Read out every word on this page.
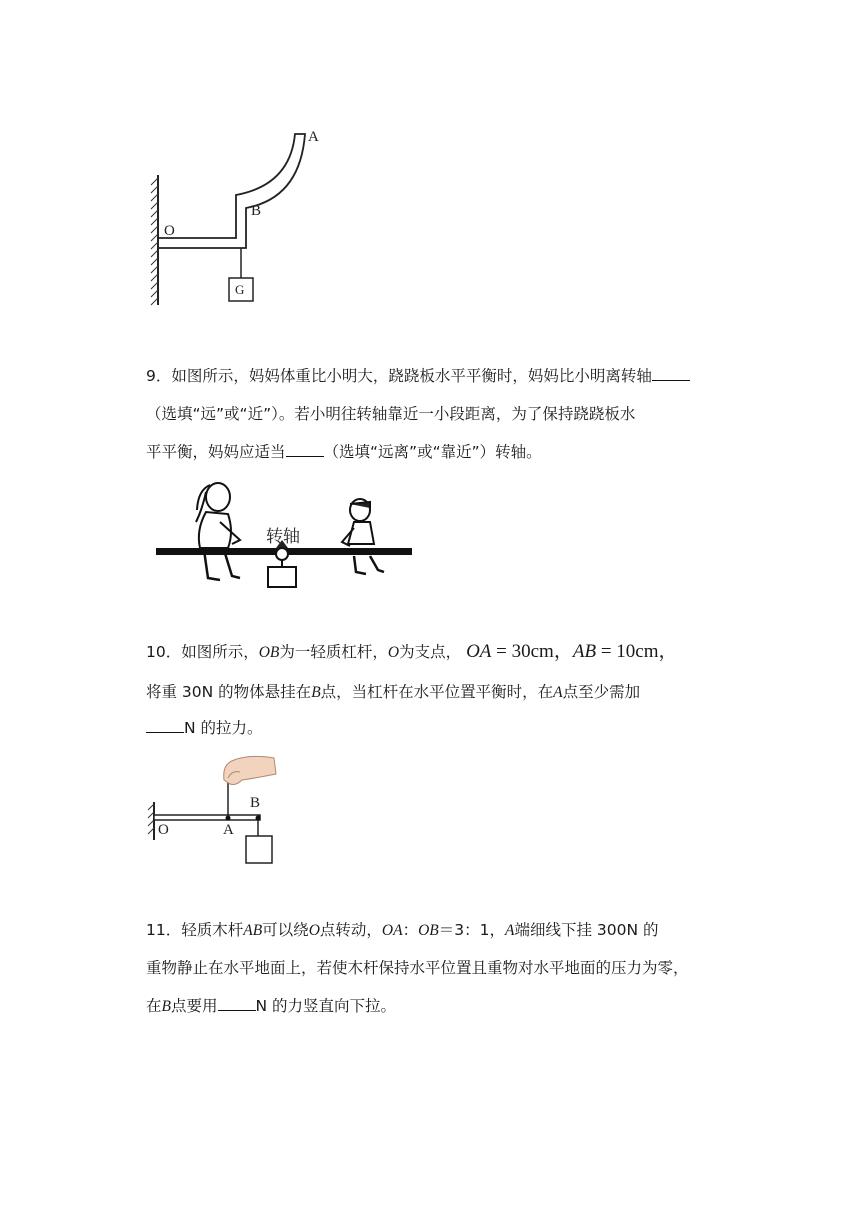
A
B
O
G
9．如图所示，妈妈体重比小明大，跷跷板水平平衡时，妈妈比小明离转轴
（选填“远”或“近”）。若小明往转轴靠近一小段距离，为了保持跷跷板水
平平衡，妈妈应适当 （选填“远离”或“靠近”）转轴。
转轴
10．如图所示，OB为一轻质杠杆，O为支点， OA = 30cm，AB = 10cm，
将重 30N 的物体悬挂在B点，当杠杆在水平位置平衡时，在A点至少需加
N 的拉力。
O	A
B
11．轻质木杆AB可以绕O点转动，OA：OB＝3：1，A端细线下挂 300N 的
重物静止在水平地面上，若使木杆保持水平位置且重物对水平地面的压力为零，
在B点要用 N 的力竖直向下拉。
